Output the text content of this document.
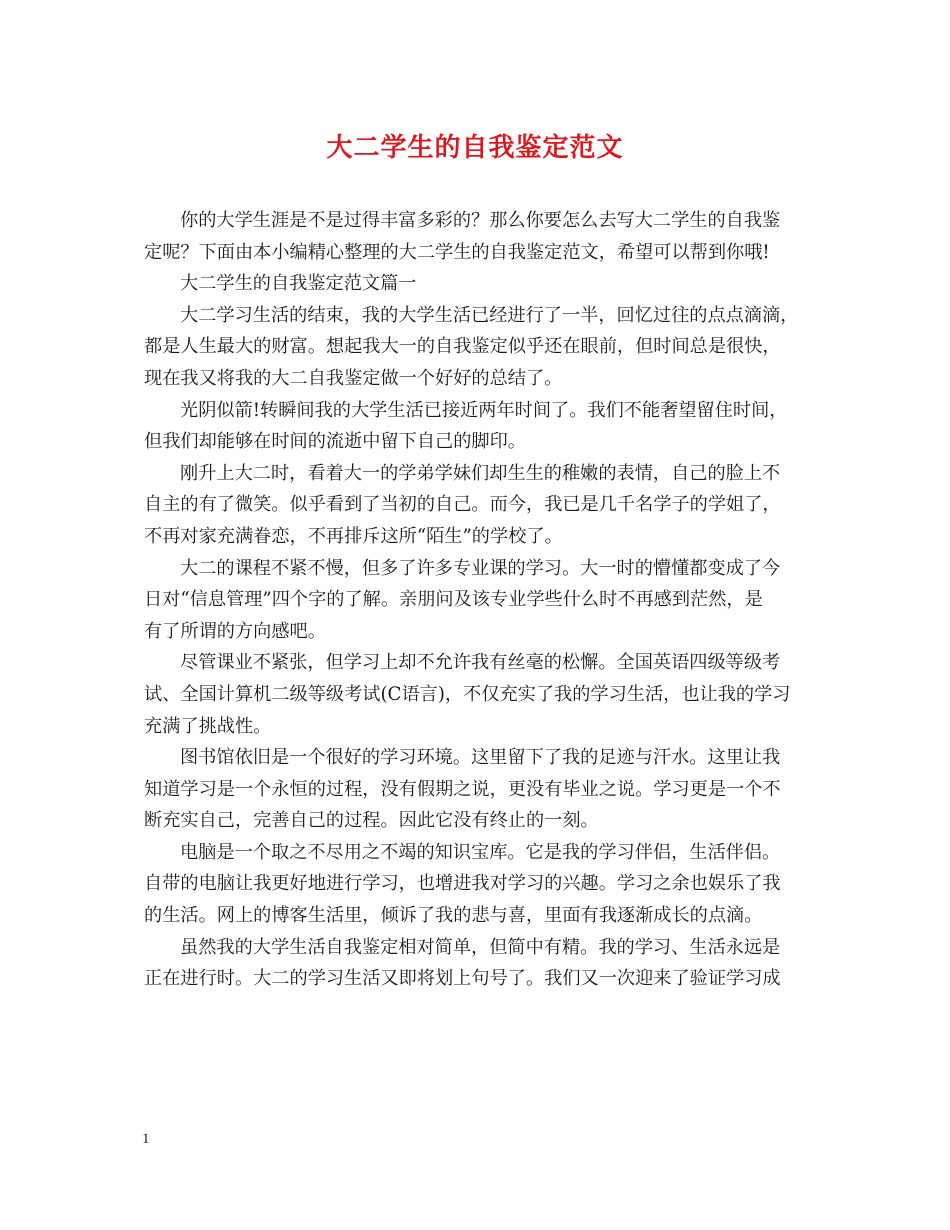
大二学生的自我鉴定范文
你的大学生涯是不是过得丰富多彩的？那么你要怎么去写大二学生的自我鉴
定呢？下面由本小编精心整理的大二学生的自我鉴定范文，希望可以帮到你哦!
大二学生的自我鉴定范文篇一
大二学习生活的结束，我的大学生活已经进行了一半，回忆过往的点点滴滴，
都是人生最大的财富。想起我大一的自我鉴定似乎还在眼前，但时间总是很快，
现在我又将我的大二自我鉴定做一个好好的总结了。
光阴似箭!转瞬间我的大学生活已接近两年时间了。我们不能奢望留住时间，
但我们却能够在时间的流逝中留下自己的脚印。
刚升上大二时，看着大一的学弟学妹们却生生的稚嫩的表情，自己的脸上不
自主的有了微笑。似乎看到了当初的自己。而今，我已是几千名学子的学姐了，
不再对家充满眷恋，不再排斥这所“陌生”的学校了。
大二的课程不紧不慢，但多了许多专业课的学习。大一时的懵懂都变成了今
日对“信息管理”四个字的了解。亲朋问及该专业学些什么时不再感到茫然，是
有了所谓的方向感吧。
尽管课业不紧张，但学习上却不允许我有丝毫的松懈。全国英语四级等级考
试、全国计算机二级等级考试(C语言)，不仅充实了我的学习生活，也让我的学习
充满了挑战性。
图书馆依旧是一个很好的学习环境。这里留下了我的足迹与汗水。这里让我
知道学习是一个永恒的过程，没有假期之说，更没有毕业之说。学习更是一个不
断充实自己，完善自己的过程。因此它没有终止的一刻。
电脑是一个取之不尽用之不竭的知识宝库。它是我的学习伴侣，生活伴侣。
自带的电脑让我更好地进行学习，也增进我对学习的兴趣。学习之余也娱乐了我
的生活。网上的博客生活里，倾诉了我的悲与喜，里面有我逐渐成长的点滴。
虽然我的大学生活自我鉴定相对简单，但简中有精。我的学习、生活永远是
正在进行时。大二的学习生活又即将划上句号了。我们又一次迎来了验证学习成
1
